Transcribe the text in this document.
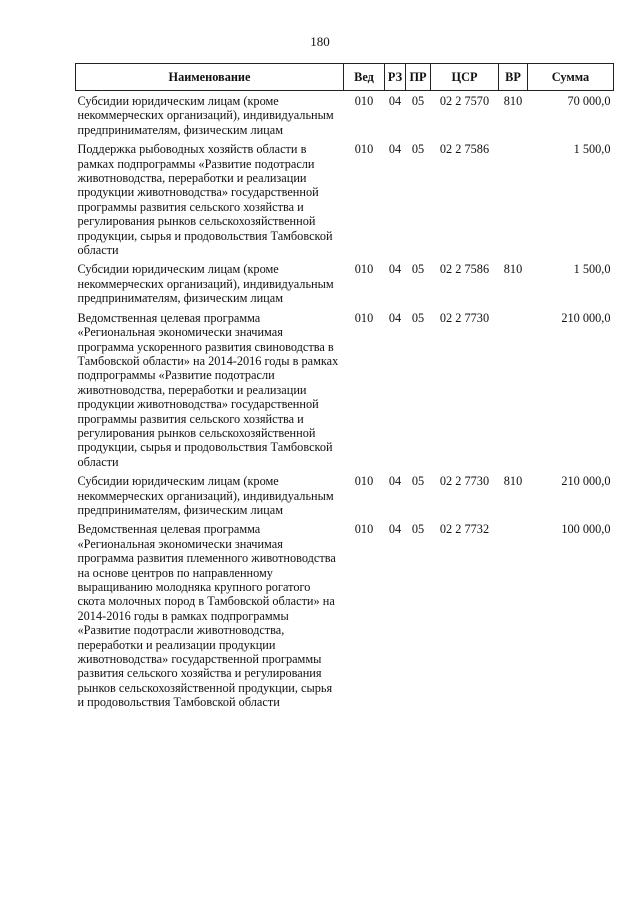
180
Наименование	Вед	РЗ	ПР	ЦСР	ВР	Сумма
Субсидии юридическим лицам (кроме некоммерческих организаций), индивидуальным предпринимателям, физическим лицам	010	04	05	02 2 7570	810	70 000,0
Поддержка рыбоводных хозяйств области в рамках подпрограммы «Развитие подотрасли животноводства, переработки и реализации продукции животноводства» государственной программы развития сельского хозяйства и регулирования рынков сельскохозяйственной продукции, сырья и продовольствия Тамбовской области	010	04	05	02 2 7586		1 500,0
Субсидии юридическим лицам (кроме некоммерческих организаций), индивидуальным предпринимателям, физическим лицам	010	04	05	02 2 7586	810	1 500,0
Ведомственная целевая программа «Региональная экономически значимая программа ускоренного развития свиноводства в Тамбовской области» на 2014-2016 годы в рамках подпрограммы «Развитие подотрасли животноводства, переработки и реализации продукции животноводства» государственной программы развития сельского хозяйства и регулирования рынков сельскохозяйственной продукции, сырья и продовольствия Тамбовской области	010	04	05	02 2 7730		210 000,0
Субсидии юридическим лицам (кроме некоммерческих организаций), индивидуальным предпринимателям, физическим лицам	010	04	05	02 2 7730	810	210 000,0
Ведомственная целевая программа «Региональная экономически значимая программа развития племенного животноводства на основе центров по направленному выращиванию молодняка крупного рогатого скота молочных пород в Тамбовской области» на 2014-2016 годы в рамках подпрограммы «Развитие подотрасли животноводства, переработки и реализации продукции животноводства» государственной программы развития сельского хозяйства и регулирования рынков сельскохозяйственной продукции, сырья и продовольствия Тамбовской области	010	04	05	02 2 7732		100 000,0
